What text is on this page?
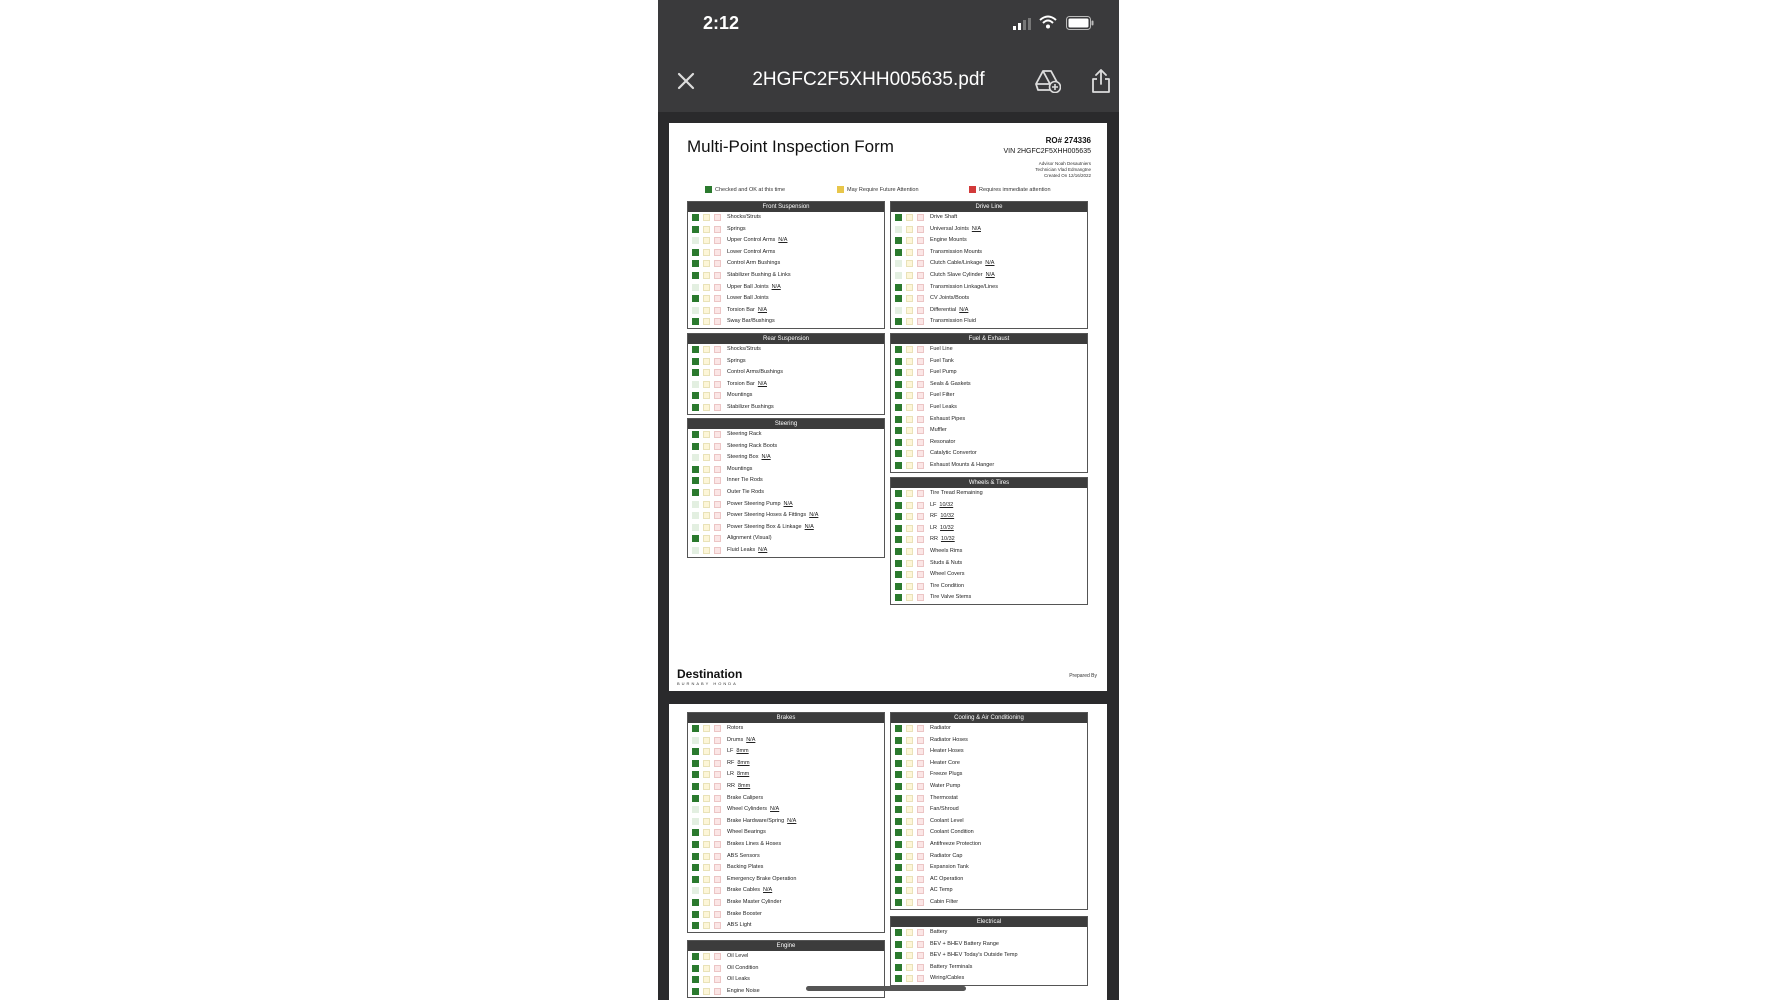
2:12
2HGFC2F5XHH005635.pdf
Multi-Point Inspection Form	RO# 274336
VIN 2HGFC2F5XHH005635
Advisor Noah Desautniers
Technician Vlad Edmangtne
Created On 12/16/2022
Checked and OK at this time	May Require Future Attention	Requires immediate attention
Front Suspension
Shocks/Struts
Springs
Upper Control Arms N/A
Lower Control Arms
Control Arm Bushings
Stabilizer Bushing & Links
Upper Ball Joints N/A
Lower Ball Joints
Torsion Bar N/A
Sway Bar/Bushings
Rear Suspension
Shocks/Struts
Springs
Control Arms/Bushings
Torsion Bar N/A
Mountings
Stabilizer Bushings
Steering
Steering Rack
Steering Rack Boots
Steering Box N/A
Mountings
Inner Tie Rods
Outer Tie Rods
Power Steering Pump N/A
Power Steering Hoses & Fittings N/A
Power Steering Box & Linkage N/A
Alignment (Visual)
Fluid Leaks N/A
Drive Line
Drive Shaft
Universal Joints N/A
Engine Mounts
Transmission Mounts
Clutch Cable/Linkage N/A
Clutch Slave Cylinder N/A
Transmission Linkage/Lines
CV Joints/Boots
Differential N/A
Transmission Fluid
Fuel & Exhaust
Fuel Line
Fuel Tank
Fuel Pump
Seals & Gaskets
Fuel Filter
Fuel Leaks
Exhaust Pipes
Muffler
Resonator
Catalytic Convertor
Exhaust Mounts & Hanger
Wheels & Tires
Tire Tread Remaining
LF 10/32
RF 10/32
LR 10/32
RR 10/32
Wheels Rims
Studs & Nuts
Wheel Covers
Tire Condition
Tire Valve Stems
Destination
BURNABY HONDA
Prepared By
Brakes
Rotors
Drums N/A
LF 8mm
RF 8mm
LR 8mm
RR 8mm
Brake Calipers
Wheel Cylinders N/A
Brake Hardware/Spring N/A
Wheel Bearings
Brakes Lines & Hoses
ABS Sensors
Backing Plates
Emergency Brake Operation
Brake Cables N/A
Brake Master Cylinder
Brake Booster
ABS Light
Engine
Oil Level
Oil Condition
Oil Leaks
Engine Noise
Cooling & Air Conditioning
Radiator
Radiator Hoses
Heater Hoses
Heater Core
Freeze Plugs
Water Pump
Thermostat
Fan/Shroud
Coolant Level
Coolant Condition
Antifreeze Protection
Radiator Cap
Expansion Tank
AC Operation
AC Temp
Cabin Filter
Electrical
Battery
BEV + BHEV Battery Range
BEV + BHEV Today's Outside Temp
Battery Terminals
Wiring/Cables
